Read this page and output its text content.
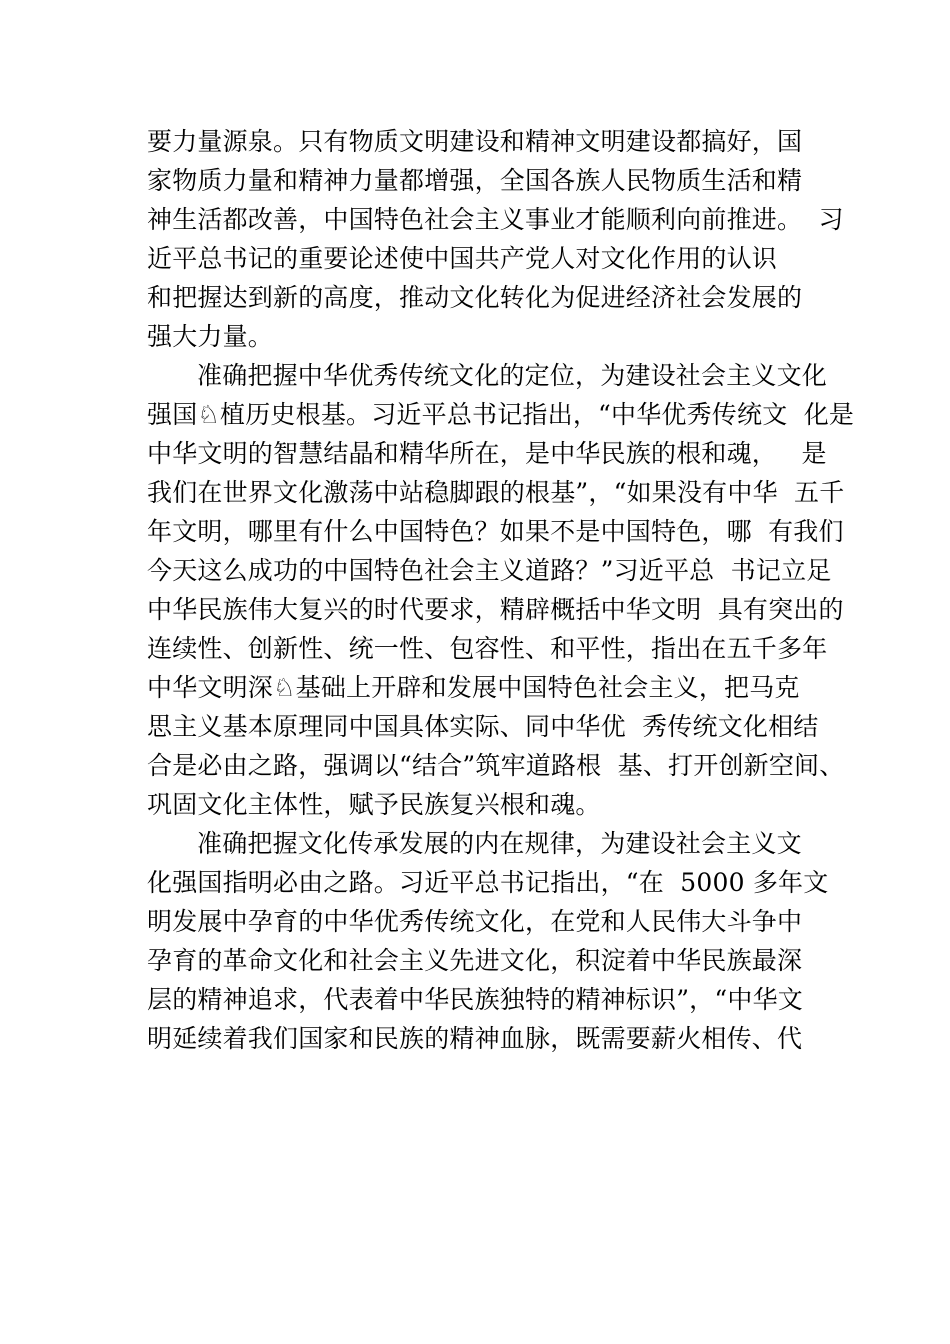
要力量源泉。只有物质文明建设和精神文明建设都搞好，国
家物质力量和精神力量都增强，全国各族人民物质生活和精
神生活都改善，中国特色社会主义事业才能顺利向前推进。  习
近平总书记的重要论述使中国共产党人对文化作用的认识
和把握达到新的高度，推动文化转化为促进经济社会发展的
强大力量。
准确把握中华优秀传统文化的定位，为建设社会主义文化
强国♘植历史根基。习近平总书记指出，“中华优秀传统文  化是
中华文明的智慧结晶和精华所在，是中华民族的根和魂，   是
我们在世界文化激荡中站稳脚跟的根基”，“如果没有中华  五千
年文明，哪里有什么中国特色？如果不是中国特色，哪  有我们
今天这么成功的中国特色社会主义道路？”习近平总  书记立足
中华民族伟大复兴的时代要求，精辟概括中华文明  具有突出的
连续性、创新性、统一性、包容性、和平性，指出在五千多年
中华文明深♘基础上开辟和发展中国特色社会主义，把马克
思主义基本原理同中国具体实际、同中华优  秀传统文化相结
合是必由之路，强调以“结合”筑牢道路根  基、打开创新空间、
巩固文化主体性，赋予民族复兴根和魂。
准确把握文化传承发展的内在规律，为建设社会主义文
化强国指明必由之路。习近平总书记指出，“在  5000 多年文
明发展中孕育的中华优秀传统文化，在党和人民伟大斗争中
孕育的革命文化和社会主义先进文化，积淀着中华民族最深
层的精神追求，代表着中华民族独特的精神标识”，“中华文
明延续着我们国家和民族的精神血脉，既需要薪火相传、代
